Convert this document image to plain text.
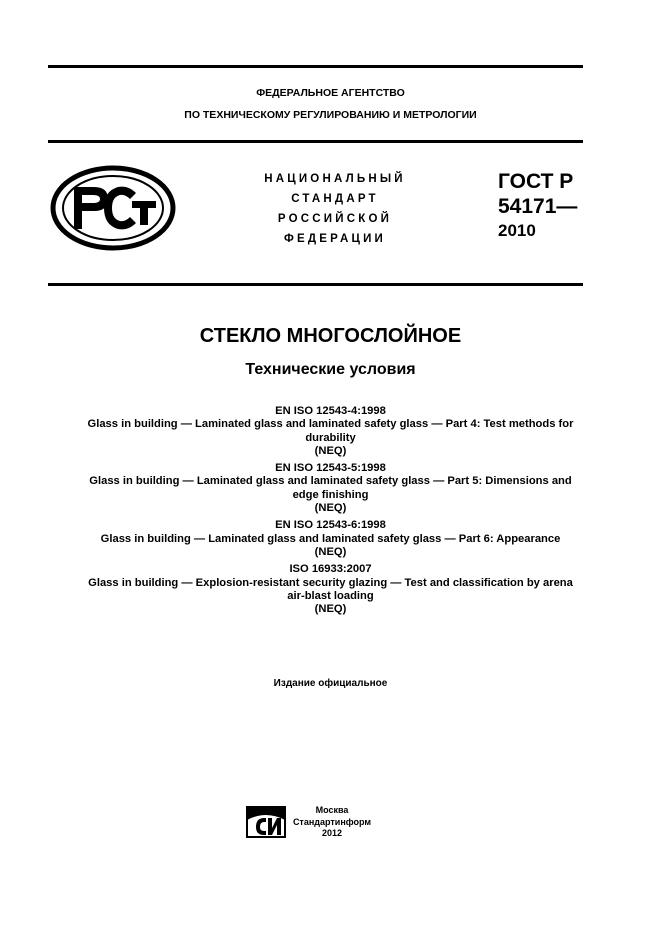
ФЕДЕРАЛЬНОЕ АГЕНТСТВО
ПО ТЕХНИЧЕСКОМУ РЕГУЛИРОВАНИЮ И МЕТРОЛОГИИ
НАЦИОНАЛЬНЫЙ
СТАНДАРТ
РОССИЙСКОЙ
ФЕДЕРАЦИИ
ГОСТ Р
54171—
2010
СТЕКЛО МНОГОСЛОЙНОЕ
Технические условия
EN ISO 12543-4:1998
Glass in building — Laminated glass and laminated safety glass — Part 4: Test methods for
durability
(NEQ)
EN ISO 12543-5:1998
Glass in building — Laminated glass and laminated safety glass — Part 5: Dimensions and
edge finishing
(NEQ)
EN ISO 12543-6:1998
Glass in building — Laminated glass and laminated safety glass — Part 6: Appearance
(NEQ)
ISO 16933:2007
Glass in building — Explosion-resistant security glazing — Test and classification by arena
air-blast loading
(NEQ)
Издание официальное
Москва
Стандартинформ
2012
